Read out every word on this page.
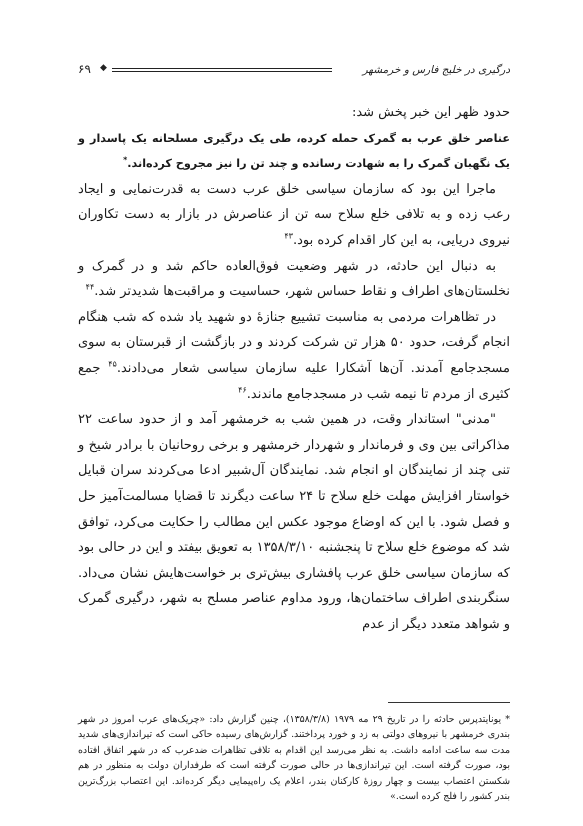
درگیری در خلیج فارس و خرمشهر
◆
۶۹

حدود ظهر این خبر پخش شد:

عناصر خلق عرب به گمرک حمله کرده، طی یک درگیری مسلحانه یک پاسدار و یک نگهبان گمرک را به شهادت رسانده و چند تن را نیز مجروح کرده‌اند.*

ماجرا این بود که سازمان سیاسی خلق عرب دست به قدرت‌نمایی و ایجاد رعب زده و به تلافی خلع سلاح سه تن از عناصرش در بازار به دست تکاوران نیروی دریایی، به این کار اقدام کرده بود.$^{۴۳}$

به دنبال این حادثه، در شهر وضعیت فوق‌العاده حاکم شد و در گمرک و نخلستان‌های اطراف و نقاط حساس شهر، حساسیت و مراقبت‌ها شدیدتر شد.$^{۴۴}$

در تظاهرات مردمی به مناسبت تشییع جنازهٔ دو شهید یاد شده که شب هنگام انجام گرفت، حدود ۵۰ هزار تن شرکت کردند و در بازگشت از قبرستان به سوی مسجدجامع آمدند. آن‌ها آشکارا علیه سازمان سیاسی شعار می‌دادند.$^{۴۵}$ جمع کثیری از مردم تا نیمه شب در مسجدجامع ماندند.$^{۴۶}$

"مدنی" استاندار وقت، در همین شب به خرمشهر آمد و از حدود ساعت ۲۲ مذاکراتی بین وی و فرماندار و شهردار خرمشهر و برخی روحانیان با برادر شیخ و تنی چند از نمایندگان او انجام شد. نمایندگان آل‌شبیر ادعا می‌کردند سران قبایل خواستار افزایش مهلت خلع سلاح تا ۲۴ ساعت دیگرند تا قضایا مسالمت‌آمیز حل و فصل شود. با این که اوضاع موجود عکس این مطالب را حکایت می‌کرد، توافق شد که موضوع خلع سلاح تا پنجشنبه ۱۳۵۸/۳/۱۰ به تعویق بیفتد و این در حالی بود که سازمان سیاسی خلق عرب پافشاری بیش‌تری بر خواست‌هایش نشان می‌داد. سنگربندی اطراف ساختمان‌ها، ورود مداوم عناصر مسلح به شهر، درگیری گمرک و شواهد متعدد دیگر از عدم

* یونایتدپرس حادثه را در تاریخ ۲۹ مه ۱۹۷۹ (۱۳۵۸/۳/۸)، چنین گزارش داد: «چریک‌های عرب امروز در شهر بندری خرمشهر با نیروهای دولتی به زد و خورد پرداختند. گزارش‌های رسیده حاکی است که تیراندازی‌های شدید مدت سه ساعت ادامه داشت. به نظر می‌رسد این اقدام به تلافی تظاهرات ضدعرب که در شهر اتفاق افتاده بود، صورت گرفته است. این تیراندازی‌ها در حالی صورت گرفته است که طرفداران دولت به منظور در هم شکستن اعتصاب بیست و چهار روزهٔ کارکنان بندر، اعلام یک راه‌پیمایی دیگر کرده‌اند. این اعتصاب بزرگ‌ترین بندر کشور را فلج کرده است.»
